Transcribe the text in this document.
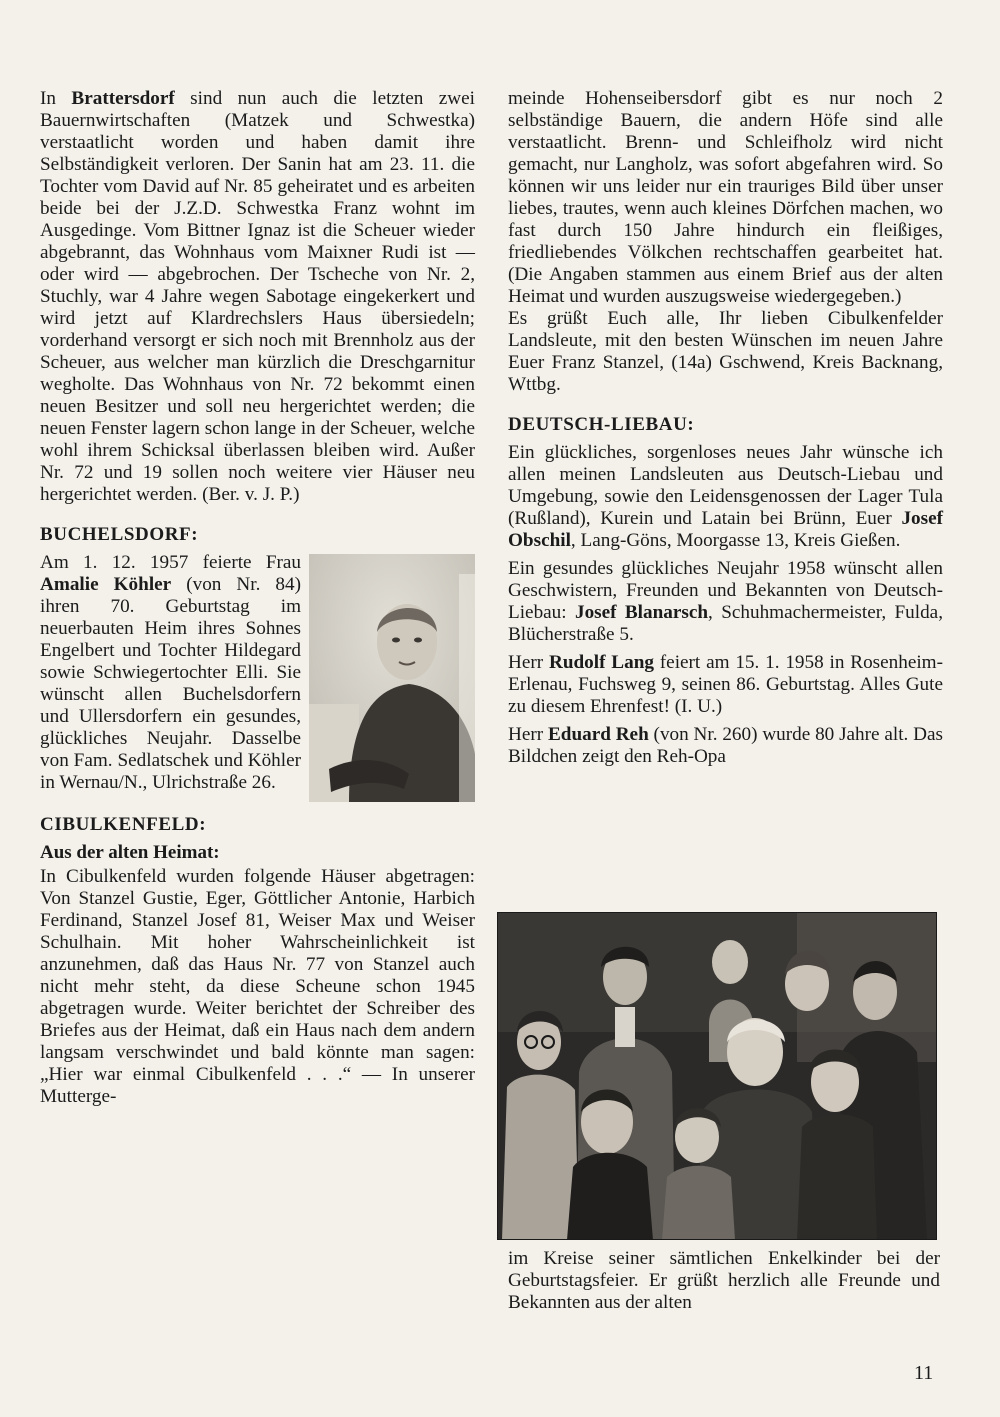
In Brattersdorf sind nun auch die letzten zwei Bauernwirtschaften (Matzek und Schwestka) verstaatlicht worden und haben damit ihre Selbständigkeit verloren. Der Sanin hat am 23. 11. die Tochter vom David auf Nr. 85 geheiratet und es arbeiten beide bei der J.Z.D. Schwestka Franz wohnt im Ausgedinge. Vom Bittner Ignaz ist die Scheuer wieder abgebrannt, das Wohnhaus vom Maixner Rudi ist — oder wird — abgebrochen. Der Tscheche von Nr. 2, Stuchly, war 4 Jahre wegen Sabotage eingekerkert und wird jetzt auf Klardrechslers Haus übersiedeln; vorderhand versorgt er sich noch mit Brennholz aus der Scheuer, aus welcher man kürzlich die Dreschgarnitur wegholte. Das Wohnhaus von Nr. 72 bekommt einen neuen Besitzer und soll neu hergerichtet werden; die neuen Fenster lagern schon lange in der Scheuer, welche wohl ihrem Schicksal überlassen bleiben wird. Außer Nr. 72 und 19 sollen noch weitere vier Häuser neu hergerichtet werden. (Ber. v. J. P.)

BUCHELSDORF:

Am 1. 12. 1957 feierte Frau Amalie Köhler (von Nr. 84) ihren 70. Geburtstag im neuerbauten Heim ihres Sohnes Engelbert und Tochter Hildegard sowie Schwiegertochter Elli. Sie wünscht allen Buchelsdorfern und Ullersdorfern ein gesundes, glückliches Neujahr. Dasselbe von Fam. Sedlatschek und Köhler in Wernau/N., Ulrichstraße 26.

CIBULKENFELD:
Aus der alten Heimat:

In Cibulkenfeld wurden folgende Häuser abgetragen: Von Stanzel Gustie, Eger, Göttlicher Antonie, Harbich Ferdinand, Stanzel Josef 81, Weiser Max und Weiser Schulhain. Mit hoher Wahrscheinlichkeit ist anzunehmen, daß das Haus Nr. 77 von Stanzel auch nicht mehr steht, da diese Scheune schon 1945 abgetragen wurde. Weiter berichtet der Schreiber des Briefes aus der Heimat, daß ein Haus nach dem andern langsam verschwindet und bald könnte man sagen: „Hier war einmal Cibulkenfeld . . .“ — In unserer Mutterge-

meinde Hohenseibersdorf gibt es nur noch 2 selbständige Bauern, die andern Höfe sind alle verstaatlicht. Brenn- und Schleifholz wird nicht gemacht, nur Langholz, was sofort abgefahren wird. So können wir uns leider nur ein trauriges Bild über unser liebes, trautes, wenn auch kleines Dörfchen machen, wo fast durch 150 Jahre hindurch ein fleißiges, friedliebendes Völkchen rechtschaffen gearbeitet hat. (Die Angaben stammen aus einem Brief aus der alten Heimat und wurden auszugsweise wiedergegeben.)

Es grüßt Euch alle, Ihr lieben Cibulkenfelder Landsleute, mit den besten Wünschen im neuen Jahre Euer Franz Stanzel, (14a) Gschwend, Kreis Backnang, Wttbg.

DEUTSCH-LIEBAU:

Ein glückliches, sorgenloses neues Jahr wünsche ich allen meinen Landsleuten aus Deutsch-Liebau und Umgebung, sowie den Leidensgenossen der Lager Tula (Rußland), Kurein und Latain bei Brünn, Euer Josef Obschil, Lang-Göns, Moorgasse 13, Kreis Gießen.

Ein gesundes glückliches Neujahr 1958 wünscht allen Geschwistern, Freunden und Bekannten von Deutsch-Liebau: Josef Blanarsch, Schuhmachermeister, Fulda, Blücherstraße 5.

Herr Rudolf Lang feiert am 15. 1. 1958 in Rosenheim-Erlenau, Fuchsweg 9, seinen 86. Geburtstag. Alles Gute zu diesem Ehrenfest! (I. U.)

Herr Eduard Reh (von Nr. 260) wurde 80 Jahre alt. Das Bildchen zeigt den Reh-Opa

im Kreise seiner sämtlichen Enkelkinder bei der Geburtstagsfeier. Er grüßt herzlich alle Freunde und Bekannten aus der alten

11
